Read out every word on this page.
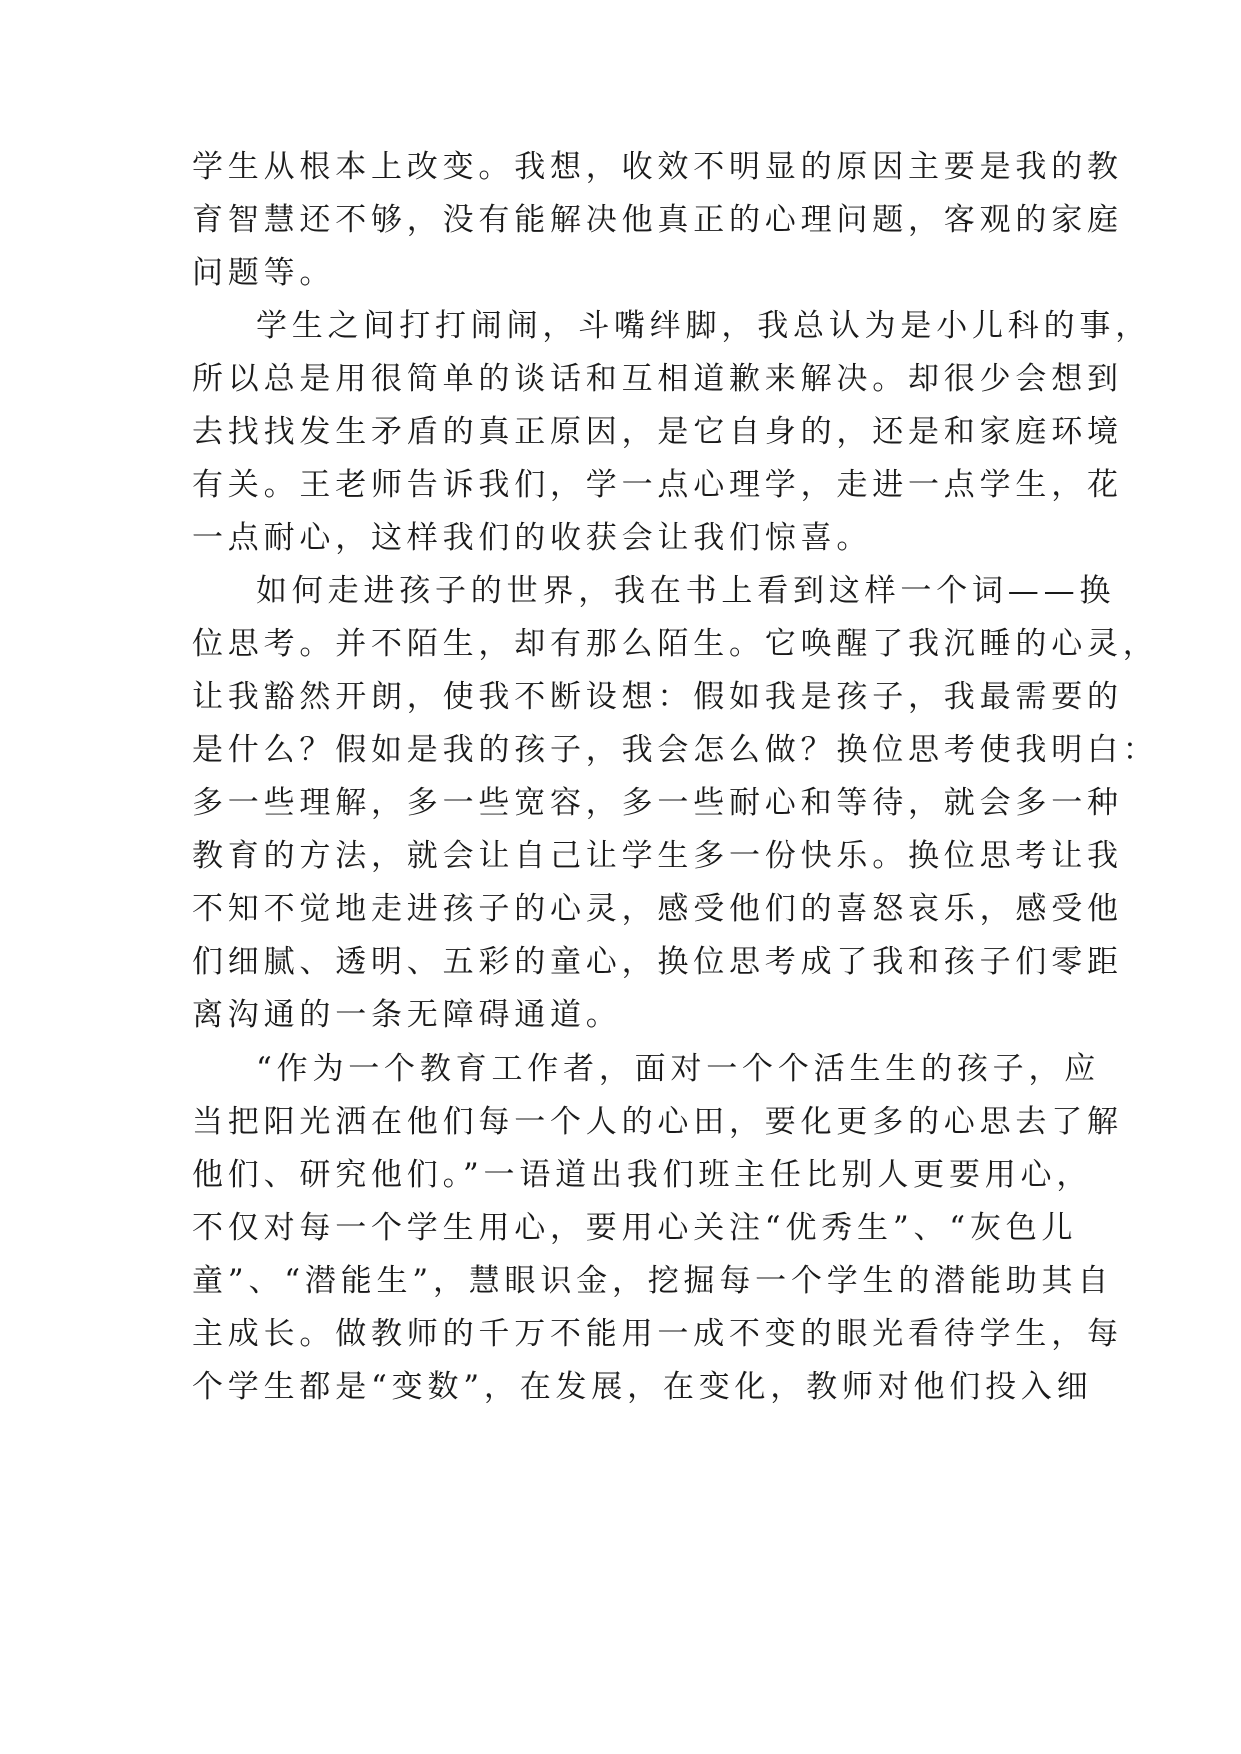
学生从根本上改变。我想，收效不明显的原因主要是我的教
育智慧还不够，没有能解决他真正的心理问题，客观的家庭
问题等。
学生之间打打闹闹，斗嘴绊脚，我总认为是小儿科的事，
所以总是用很简单的谈话和互相道歉来解决。却很少会想到
去找找发生矛盾的真正原因，是它自身的，还是和家庭环境
有关。王老师告诉我们，学一点心理学，走进一点学生，花
一点耐心，这样我们的收获会让我们惊喜。
如何走进孩子的世界，我在书上看到这样一个词——换
位思考。并不陌生，却有那么陌生。它唤醒了我沉睡的心灵，
让我豁然开朗，使我不断设想：假如我是孩子，我最需要的
是什么？假如是我的孩子，我会怎么做？换位思考使我明白：
多一些理解，多一些宽容，多一些耐心和等待，就会多一种
教育的方法，就会让自己让学生多一份快乐。换位思考让我
不知不觉地走进孩子的心灵，感受他们的喜怒哀乐，感受他
们细腻、透明、五彩的童心，换位思考成了我和孩子们零距
离沟通的一条无障碍通道。
“作为一个教育工作者，面对一个个活生生的孩子，应
当把阳光洒在他们每一个人的心田，要化更多的心思去了解
他们、研究他们。”一语道出我们班主任比别人更要用心，
不仅对每一个学生用心，要用心关注“优秀生”、“灰色儿
童”、“潜能生”，慧眼识金，挖掘每一个学生的潜能助其自
主成长。做教师的千万不能用一成不变的眼光看待学生，每
个学生都是“变数”，在发展，在变化，教师对他们投入细
